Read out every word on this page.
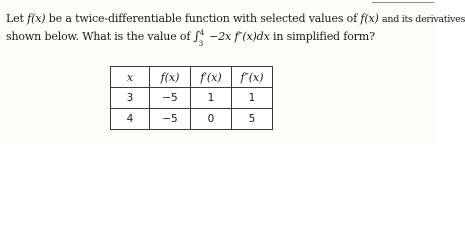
Let f(x) be a twice-differentiable function with selected values of f(x) and its derivatives
shown below. What is the value of ∫ 4
3
−2x f″(x)dx in simplified form?
x	f(x)	f′(x)	f″(x)
3	−5	1	1
4	−5	0	5
